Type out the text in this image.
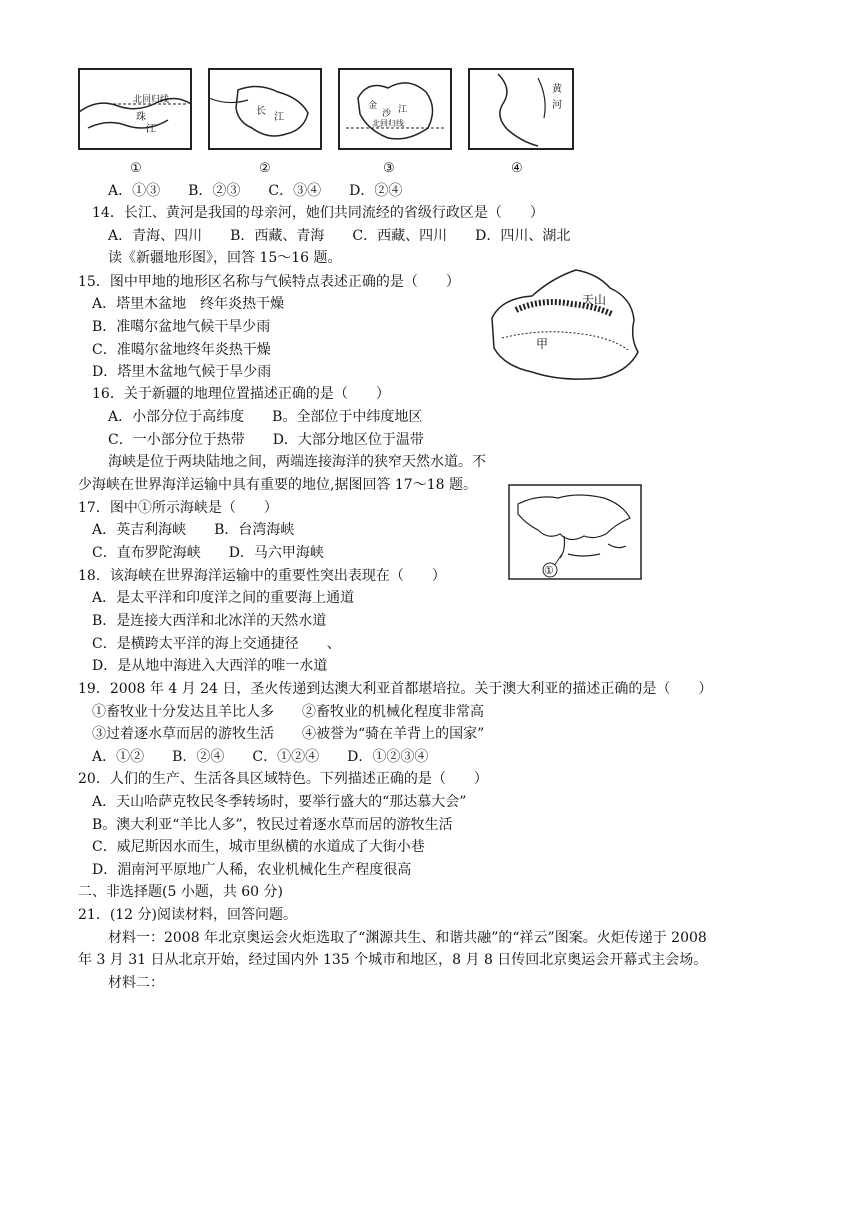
北回归线
珠
江
①
长
江
②
金
沙 江
北回归线
③
黄
河
④
A．①③　　B．②③　　C．③④　　D．②④
14．长江、黄河是我国的母亲河，她们共同流经的省级行政区是（　　）
A．青海、四川　　B．西藏、青海　　C．西藏、四川　　D．四川、湖北
读《新疆地形图》，回答 15～16 题。
天山
甲
15．图中甲地的地形区名称与气候特点表述正确的是（　　）
A．塔里木盆地　终年炎热干燥
B．准噶尔盆地气候干旱少雨
C．准噶尔盆地终年炎热干燥
D．塔里木盆地气候于旱少雨
16．关于新疆的地理位置描述正确的是（　　）
A．小部分位于高纬度　　B。全部位于中纬度地区
C．一小部分位于热带　　D．大部分地区位于温带
海峡是位于两块陆地之间，两端连接海洋的狭窄天然水道。不
少海峡在世界海洋运输中具有重要的地位,据图回答 17～18 题。
①
17．图中①所示海峡是（　　）
A．英吉利海峡　　B．台湾海峡
C．直布罗陀海峡　　D．马六甲海峡
18．该海峡在世界海洋运输中的重要性突出表现在（　　）
A．是太平洋和印度洋之间的重要海上通道
B．是连接大西洋和北冰洋的天然水道
C．是横跨太平洋的海上交通捷径　　、
D．是从地中海进入大西洋的唯一水道
19．2008 年 4 月 24 日，圣火传递到达澳大利亚首都堪培拉。关于澳大利亚的描述正确的是（　　）
①畜牧业十分发达且羊比人多　　②畜牧业的机械化程度非常高
③过着逐水草而居的游牧生活　　④被誉为“骑在羊背上的国家”
A．①②　　B．②④　　C．①②④　　D．①②③④
20．人们的生产、生活各具区域特色。下列描述正确的是（　　）
A．天山哈萨克牧民冬季转场时，要举行盛大的“那达慕大会”
B。澳大利亚“羊比人多”，牧民过着逐水草而居的游牧生活
C．威尼斯因水而生，城市里纵横的水道成了大街小巷
D．湄南河平原地广人稀，农业机械化生产程度很高
二、非选择题(5 小题，共 60 分)
21．(12 分)阅读材料，回答问题。
材料一：2008 年北京奥运会火炬选取了“渊源共生、和谐共融”的“祥云”图案。火炬传递于 2008
年 3 月 31 日从北京开始，经过国内外 135 个城市和地区，8 月 8 日传回北京奥运会开幕式主会场。
材料二：
